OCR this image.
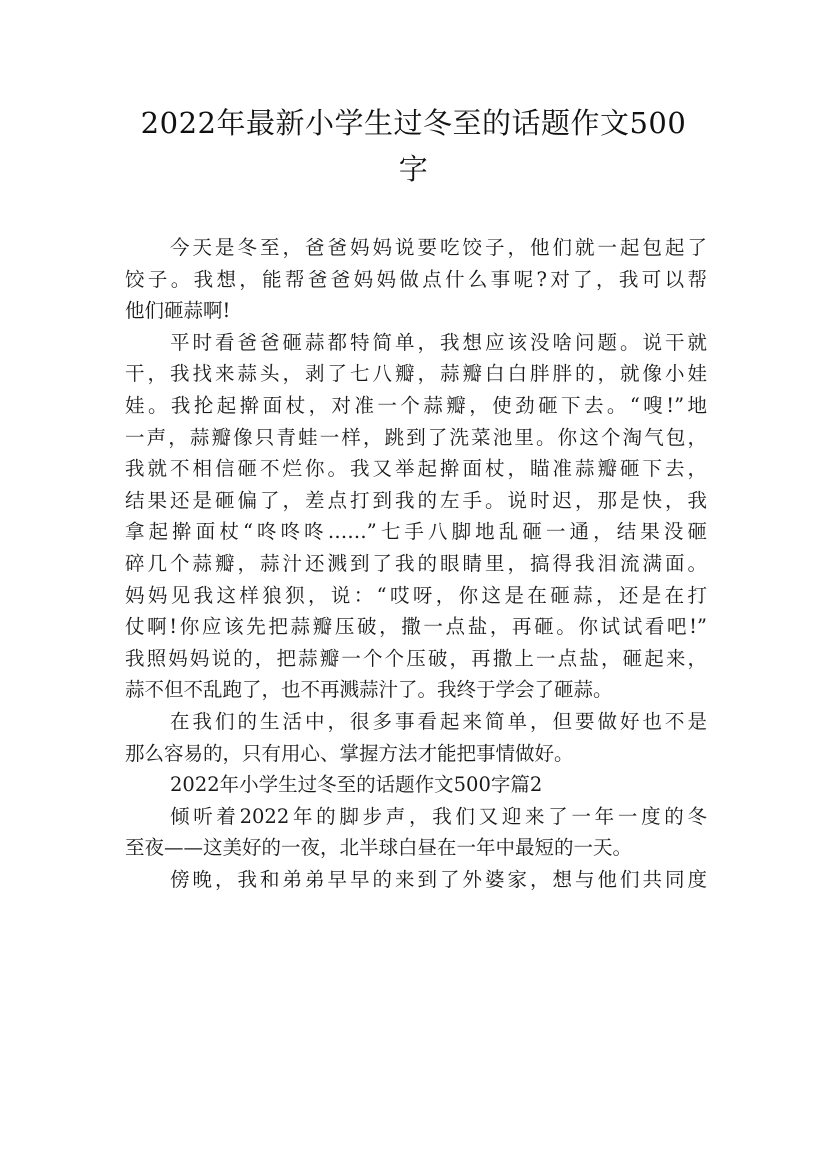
2022年最新小学生过冬至的话题作文500
字
今天是冬至，爸爸妈妈说要吃饺子，他们就一起包起了
饺子。我想，能帮爸爸妈妈做点什么事呢?对了，我可以帮
他们砸蒜啊!
平时看爸爸砸蒜都特简单，我想应该没啥问题。说干就
干，我找来蒜头，剥了七八瓣，蒜瓣白白胖胖的，就像小娃
娃。我抡起擀面杖，对准一个蒜瓣，使劲砸下去。“嗖!”地
一声，蒜瓣像只青蛙一样，跳到了洗菜池里。你这个淘气包，
我就不相信砸不烂你。我又举起擀面杖，瞄准蒜瓣砸下去，
结果还是砸偏了，差点打到我的左手。说时迟，那是快，我
拿起擀面杖“咚咚咚……”七手八脚地乱砸一通，结果没砸
碎几个蒜瓣，蒜汁还溅到了我的眼睛里，搞得我泪流满面。
妈妈见我这样狼狈，说：“哎呀，你这是在砸蒜，还是在打
仗啊!你应该先把蒜瓣压破，撒一点盐，再砸。你试试看吧!”
我照妈妈说的，把蒜瓣一个个压破，再撒上一点盐，砸起来，
蒜不但不乱跑了，也不再溅蒜汁了。我终于学会了砸蒜。
在我们的生活中，很多事看起来简单，但要做好也不是
那么容易的，只有用心、掌握方法才能把事情做好。
2022年小学生过冬至的话题作文500字篇2
倾听着2022年的脚步声，我们又迎来了一年一度的冬
至夜——这美好的一夜，北半球白昼在一年中最短的一天。
傍晚，我和弟弟早早的来到了外婆家，想与他们共同度
